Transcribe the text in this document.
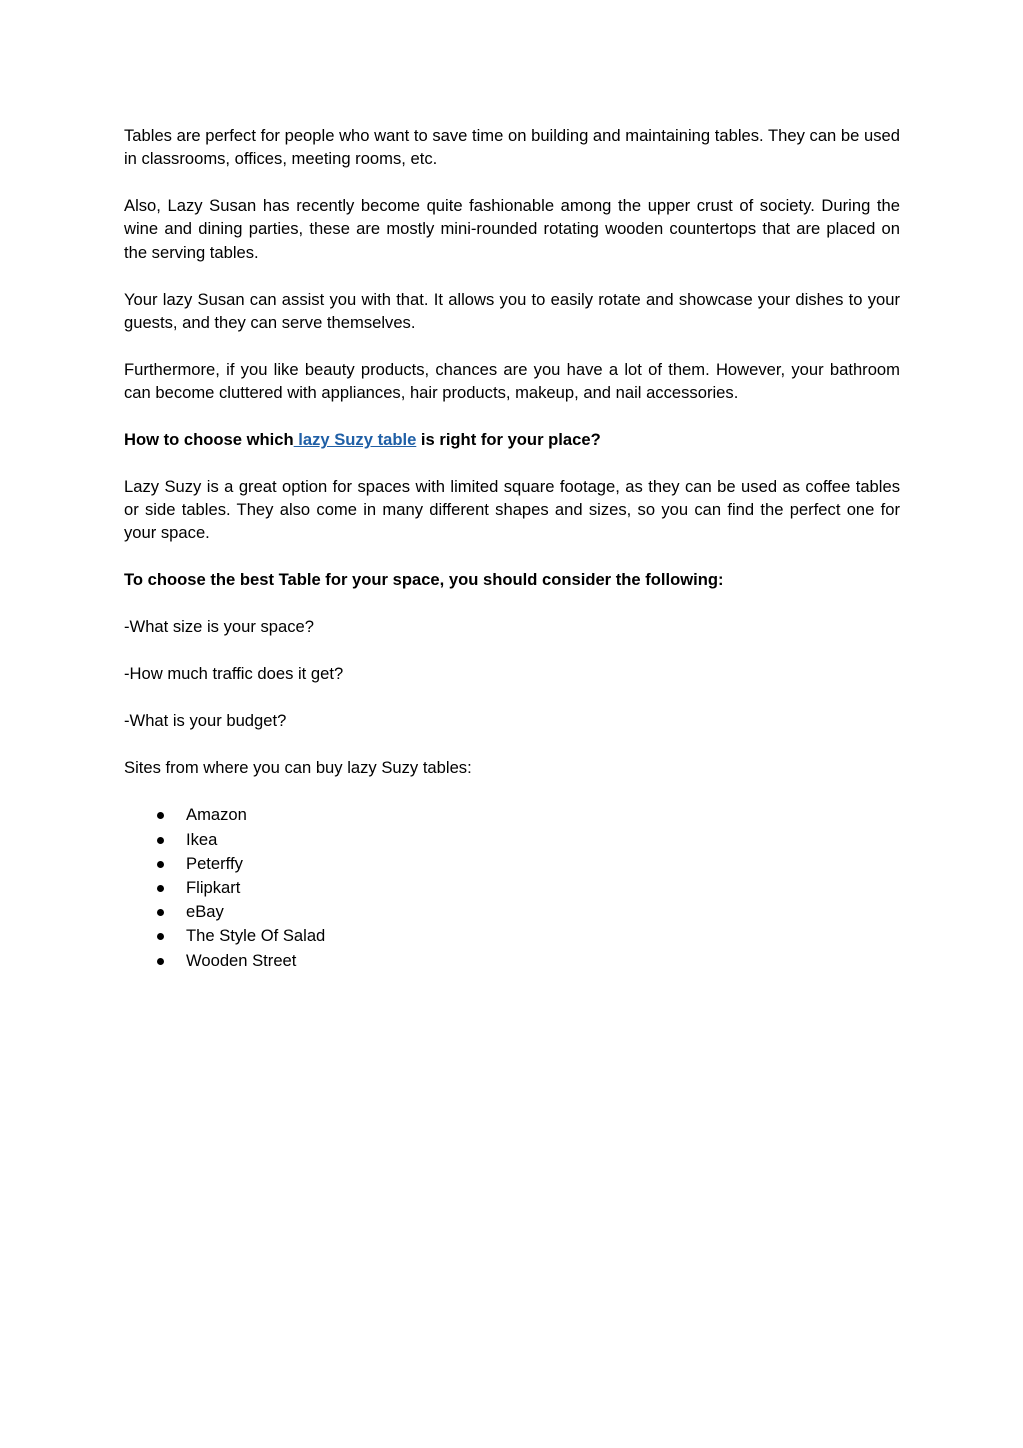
Tables are perfect for people who want to save time on building and maintaining tables. They can be used in classrooms, offices, meeting rooms, etc.

Also, Lazy Susan has recently become quite fashionable among the upper crust of society. During the wine and dining parties, these are mostly mini-rounded rotating wooden countertops that are placed on the serving tables.

Your lazy Susan can assist you with that. It allows you to easily rotate and showcase your dishes to your guests, and they can serve themselves.

Furthermore, if you like beauty products, chances are you have a lot of them. However, your bathroom can become cluttered with appliances, hair products, makeup, and nail accessories.

How to choose which lazy Suzy table is right for your place?

Lazy Suzy is a great option for spaces with limited square footage, as they can be used as coffee tables or side tables. They also come in many different shapes and sizes, so you can find the perfect one for your space.

To choose the best Table for your space, you should consider the following:

-What size is your space?

-How much traffic does it get?

-What is your budget?

Sites from where you can buy lazy Suzy tables:

Amazon
Ikea
Peterffy
Flipkart
eBay
The Style Of Salad
Wooden Street
